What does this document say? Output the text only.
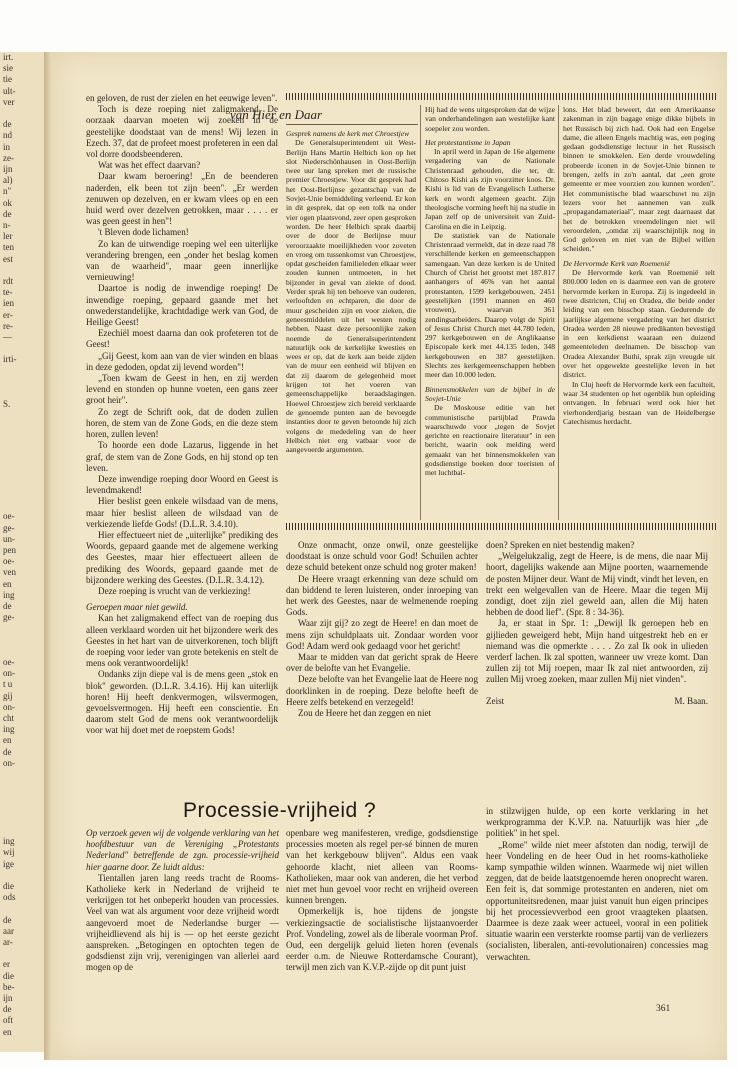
irt.
sie
tie
ult-
ver

de
nd
in
ze-
ijn
al)
n"
ok
de
n-
ler
ten
est

rdt
te-
ien
er-
re-
—

irti-

S.

oe-
ge-
un-
pen
oe-
ven
en
ing
de
ge-

oe-
on-
t u
gij
on-
cht
ing
en
de
on-

ing
wij
ige

die
ods

de
aar
ar-

er
die
be-
ijn
de
oft
en

en geloven, de rust der zielen en het eeuwige leven".

Toch is deze roeping niet zaligmakend. De oorzaak daarvan moeten wij zoeken in de geestelijke doodstaat van de mens! Wij lezen in Ezech. 37, dat de profeet moest profeteren in een dal vol dorre doodsbeenderen.

Wat was het effect daarvan?

Daar kwam beroering! „En de beenderen naderden, elk been tot zijn been". „Er werden zenuwen op dezelven, en er kwam vlees op en een huid werd over dezelven getrokken, maar . . . . er was geen geest in hen"!

't Bleven dode lichamen!

Zo kan de uitwendige roeping wel een uiterlijke verandering brengen, een „onder het beslag komen van de waarheid", maar geen innerlijke vernieuwing!

Daartoe is nodig de inwendige roeping! De inwendige roeping, gepaard gaande met het onwederstandelijke, krachtdadige werk van God, de Heilige Geest!

Ezechiël moest daarna dan ook profeteren tot de Geest!

„Gij Geest, kom aan van de vier winden en blaas in deze gedoden, opdat zij levend worden"!

„Toen kwam de Geest in hen, en zij werden levend en stonden op hunne voeten, een gans zeer groot heir".

Zo zegt de Schrift ook, dat de doden zullen horen, de stem van de Zone Gods, en die deze stem horen, zullen leven!

To hoorde een dode Lazarus, liggende in het graf, de stem van de Zone Gods, en hij stond op ten leven.

Deze inwendige roeping door Woord en Geest is levendmakend!

Hier beslist geen enkele wilsdaad van de mens, maar hier beslist alleen de wilsdaad van de verkiezende liefde Gods! (D.L.R. 3.4.10).

Hier effectueert niet de „uiterlijke" prediking des Woords, gepaard gaande met de algemene werking des Geestes, maar hier effectueert alleen de prediking des Woords, gepaard gaande met de bijzondere werking des Geestes. (D.L.R. 3.4.12).

Deze roeping is vrucht van de verkiezing!

Geroepen maar niet gewild.

Kan het zaligmakend effect van de roeping dus alleen verklaard worden uit het bijzondere werk des Geestes in het hart van de uitverkorenen, toch blijft de roeping voor ieder van grote betekenis en stelt de mens ook verantwoordelijk!

Ondanks zijn diepe val is de mens geen „stok en blok" geworden. (D.L.R. 3.4.16). Hij kan uiterlijk horen! Hij heeft denkvermogen, wilsvermogen, gevoelsvermogen. Hij heeft een conscientie. En daarom stelt God de mens ook verantwoordelijk voor wat hij doet met de roepstem Gods!

van Hier en Daar

Gesprek namens de kerk met Chroestjew

De Generalsuperintendent uit West-Berlijn Hans Martin Helbich kon op het slot Niederschönhausen in Oost-Berlijn twee uur lang spreken met de russische premier Chroestjew. Voor dit gesprek had het Oost-Berlijnse gezantschap van de Sovjet-Unie bemiddeling verleend. Er kon in dit gesprek, dat op een tolk na onder vier ogen plaatsvond, zeer open gesproken worden. De heer Helbich sprak daarbij over de door de Berlijnse muur veroorzaakte moeilijkheden voor zoveten en vroeg om tussenkomst van Chroestjew, opdat gescheiden familieleden elkaar weer zouden kunnen ontmoeten, in het bijzonder in geval van ziekte of dood. Verder sprak hij ten behoeve van ouderen, verlooftden en echtparen, die door de muur gescheiden zijn en voor zieken, die geneesmiddelen uit het westen nodig hebben. Naast deze persoonlijke zaken noemde de Generalsuperintendent natuurlijk ook de kerkelijke kwesties en wees er op, dat de kerk aan beide zijden van de muur een eenheid wil blijven en dat zij daarom de gelegenheid moet krijgen tot het voeren van gemeenschappelijke beraadslagingen. Hoewel Chroestjew zich bereid verklaarde de genoemde punten aan de bevoegde instanties door te geven betoonde hij zich volgens de mededeling van de heer Helbich niet erg vatbaar voor de aangevoerde argumenten.

Hij had de wens uitgesproken dat de wijze van onderhandelingen aan westelijke kant soepeler zou worden.

Het protestantisme in Japan

In april werd in Japan de 16e algemene vergadering van de Nationale Christenraad gehouden, die ter, dr. Chitoso Kishi als zijn voorzitter koos. Dr. Kishi is lid van de Evangelisch Lutherse kerk en wordt algemeen geacht. Zijn theologische vorming heeft hij na studie in Japan zelf op de universiteit van Zuid-Carolina en die in Leipzig.

De statistiek van de Nationale Christenraad vermeldt, dat in deze raad 78 verschillende kerken en gemeenschappen samengaan. Van deze kerken is de United Church of Christ het grootst met 187.817 aanhangers of 46% van het aantal protestanten, 1599 kerkgebouwen, 2451 geestelijken (1991 mannen en 460 vrouwen), waarvan 361 zendingsarbeiders. Daarop volgt de Spirit of Jesus Christ Church met 44.780 leden, 297 kerkgebouwen en de Anglikaanse Episcopale kerk met 44.135 leden, 348 kerkgebouwen en 387 geestelijken. Slechts zes kerkgemeenschappen hebben meer dan 10.000 leden.

Binnensmokkelen van de bijbel in de Sovjet-Unie

De Moskouse editie van het communistische partijblad Prawda waarschuwde voor „tegen de Sovjet gerichte en reactionaire literatuur" in een bericht, waarin ook melding werd gemaakt van het binnensmokkelen van godsdienstige boeken door toeristen of met luchtbal-

lons. Het blad beweert, dat een Amerikaanse zakenman in zijn bagage enige dikke bijbels in het Russisch bij zich had. Ook had een Engelse dame, die alleen Engels machtig was, een poging gedaan godsdienstige lectuur in het Russisch binnen te smokkelen. Een derde vrouwdeling probeerde iconen in de Sovjet-Unie binnen te brengen, zelfs in zo'n aantal, dat „een grote gemeente er mee voorzien zou kunnen worden". Het communistische blad waarschuwt nu zijn lezers voor het aannemen van zulk „propagandamateriaal", maar zegt daarnaast dat het de betrokken vreemdelingen niet wil veroordelen, „omdat zij waarschijnlijk nog in God geloven en niet van de Bijbel willen scheiden."

De Hervormde Kerk van Roemenië

De Hervormde kerk van Roemenië telt 800.000 leden en is daarmee een van de grotere hervormde kerken in Europa. Zij is ingedeeld in twee districten, Cluj en Oradea, die beide onder leiding van een bisschop staan. Gedurende de jaarlijkse algemene vergadering van het district Oradea werden 28 nieuwe predikanten bevestigd in een kerkdienst waaraan een duizend gemeenteleden deelnamen. De bisschop van Oradea Alexander Buthi, sprak zijn vreugde uit over het opgewekte geestelijke leven in het district.

In Cluj heeft de Hervormde kerk een faculteit, waar 34 studenten op het ogenblik hun opleiding ontvangen. In februari werd ook hier het vierhonderdjarig bestaan van de Heidelbergse Catechismus herdacht.

Onze onmacht, onze onwil, onze geestelijke doodstaat is onze schuld voor God! Schuilen achter deze schuld betekent onze schuld nog groter maken!

De Heere vraagt erkenning van deze schuld om dan biddend te leren luisteren, onder inroeping van het werk des Geestes, naar de welmenende roeping Gods.

Waar zijt gij? zo zegt de Heere! en dan moet de mens zijn schuldplaats uit. Zondaar worden voor God! Adam werd ook gedaagd voor het gericht!

Maar te midden van dat gericht sprak de Heere over de belofte van het Evangelie.

Deze belofte van het Evangelie laat de Heere nog doorklinken in de roeping. Deze belofte heeft de Heere zelfs betekend en verzegeld!

Zou de Heere het dan zeggen en niet

doen? Spreken en niet bestendig maken?

„Welgelukzalig, zegt de Heere, is de mens, die naar Mij hoort, dagelijks wakende aan Mijne poorten, waarnemende de posten Mijner deur. Want de Mij vindt, vindt het leven, en trekt een welgevallen van de Heere. Maar die tegen Mij zondigt, doet zijn ziel geweld aan, allen die Mij haten hebben de dood lief". (Spr. 8 : 34-36).

Ja, er staat in Spr. 1: „Dewijl Ik geroepen heb en gijlieden geweigerd hebt, Mijn hand uitgestrekt heb en er niemand was die opmerkte . . . . Zo zal Ik ook in ulieden verderf lachen. Ik zal spotten, wanneer uw vreze komt. Dan zullen zij tot Mij roepen, maar Ik zal niet antwoorden, zij zullen Mij vroeg zoeken, maar zullen Mij niet vinden".

Zeist	M. Baan.
Processie-vrijheid ?

Op verzoek geven wij de volgende verklaring van het hoofdbestuur van de Vereniging „Protestants Nederland" betreffende de zgn. processie-vrijheid hier gaarne door. Ze luidt aldus:

Tientallen jaren lang reeds tracht de Rooms-Katholieke kerk in Nederland de vrijheid te verkrijgen tot het onbeperkt houden van processies. Veel van wat als argument voor deze vrijheid wordt aangevoerd moet de Nederlandse burger — vrijheidlievend als hij is — op het eerste gezicht aanspreken. „Betogingen en optochten tegen de godsdienst zijn vrij, verenigingen van allerlei aard mogen op de

openbare weg manifesteren, vredige, godsdienstige processies moeten als regel per-sé binnen de muren van het kerkgebouw blijven". Aldus een vaak gehoorde klacht, niet alleen van Rooms-Katholieken, maar ook van anderen, die het verbod niet met hun gevoel voor recht en vrijheid overeen kunnen brengen.

Opmerkelijk is, hoe tijdens de jongste verkiezingsactie de socialistische lijstaanvoerder Prof. Vondeling, zowel als de liberale voorman Prof. Oud, een dergelijk geluid lieten horen (evenals eerder o.m. de Nieuwe Rotterdamsche Courant), terwijl men zich van K.V.P.-zijde op dit punt juist

in stilzwijgen hulde, op een korte verklaring in het werkprogramma der K.V.P. na. Natuurlijk was hier „de politiek" in het spel.

„Rome" wilde niet meer afstoten dan nodig, terwijl de heer Vondeling en de heer Oud in het rooms-katholieke kamp sympathie wilden winnen. Waarmede wij niet willen zeggen, dat de beide laatstgenoemde heren onoprecht waren. Een feit is, dat sommige protestanten en anderen, niet om opportuniteitsredenen, maar juist vanuit hun eigen principes bij het processievverbod een groot vraagteken plaatsen. Daarmee is deze zaak weer actueel, vooral in een politiek situatie waarin een versterkte roomse partij van de verliezers (socialisten, liberalen, anti-revolutionairen) concessies mag verwachten.

361
